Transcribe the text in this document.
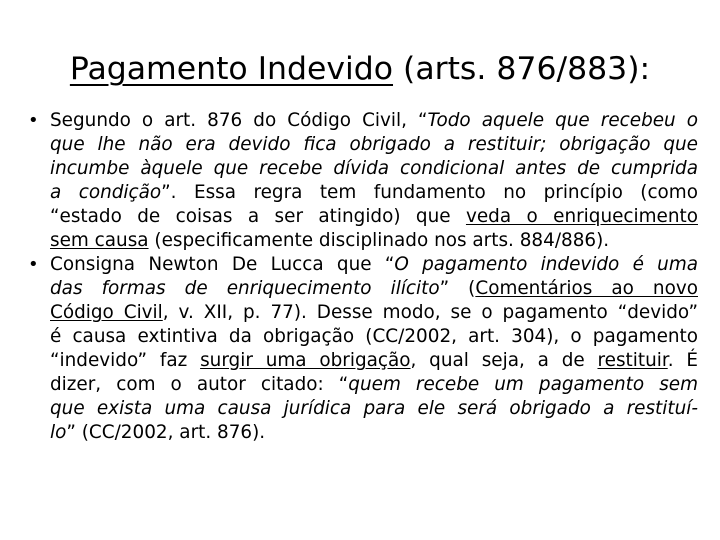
Pagamento Indevido (arts. 876/883):
• Segundo o art. 876 do Código Civil, “Todo aquele que recebeu o
que lhe não era devido fica obrigado a restituir; obrigação que
incumbe àquele que recebe dívida condicional antes de cumprida
a condição”. Essa regra tem fundamento no princípio (como
“estado de coisas a ser atingido) que veda o enriquecimento
sem causa (especificamente disciplinado nos arts. 884/886).
• Consigna Newton De Lucca que “O pagamento indevido é uma
das formas de enriquecimento ilícito” (Comentários ao novo
Código Civil, v. XII, p. 77). Desse modo, se o pagamento “devido”
é causa extintiva da obrigação (CC/2002, art. 304), o pagamento
“indevido” faz surgir uma obrigação, qual seja, a de restituir. É
dizer, com o autor citado: “quem recebe um pagamento sem
que exista uma causa jurídica para ele será obrigado a restituí-
lo” (CC/2002, art. 876).
